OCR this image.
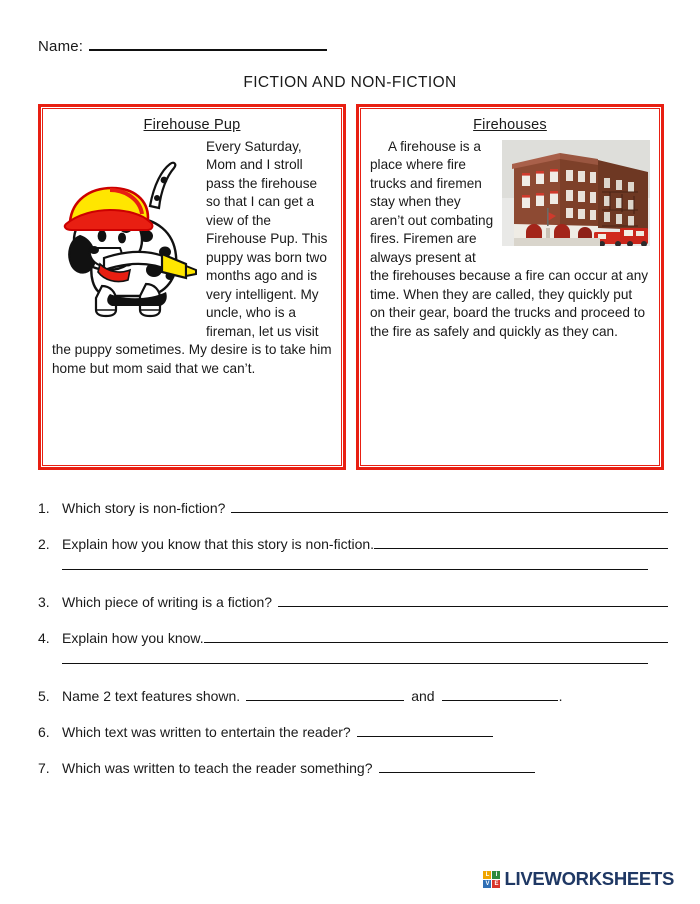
Name:
FICTION AND NON-FICTION
Firehouse Pup
Every Saturday, Mom and I stroll pass the firehouse so that I can get a view of the Firehouse Pup. This puppy was born two months ago and is very intelligent. My uncle, who is a fireman, let us visit the puppy sometimes. My desire is to take him home but mom said that we can’t.
Firehouses
A firehouse is a place where fire trucks and firemen stay when they aren’t out combating fires. Firemen are always present at the firehouses because a fire can occur at any time. When they are called, they quickly put on their gear, board the trucks and proceed to the fire as safely and quickly as they can.
1. Which story is non-fiction?
2. Explain how you know that this story is non-fiction.
3. Which piece of writing is a fiction?
4. Explain how you know.
5. Name 2 text features shown.	and	.
6. Which text was written to entertain the reader?
7. Which was written to teach the reader something?
L	I
V E LIVEWORKSHEETS
